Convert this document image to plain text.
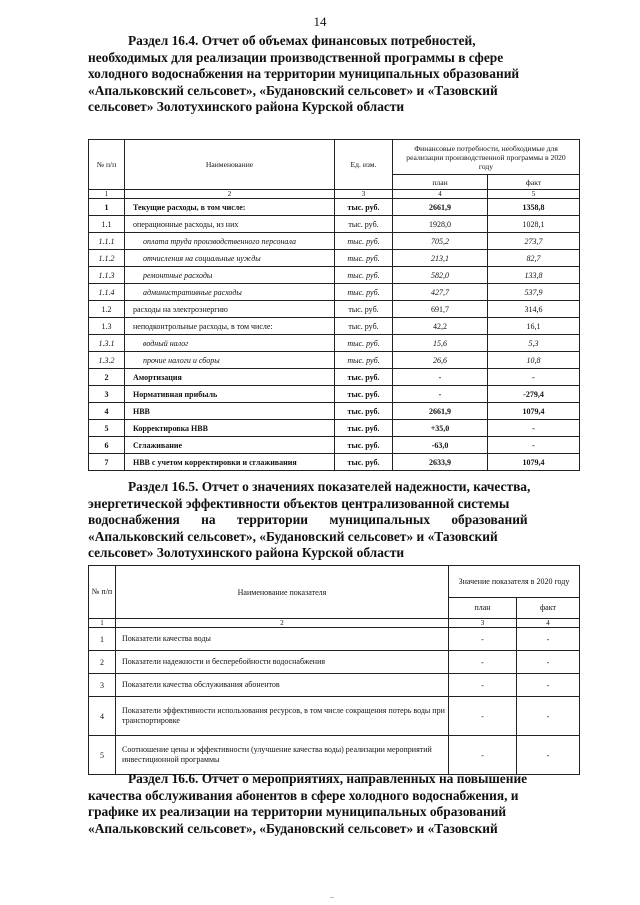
14
Раздел 16.4. Отчет об объемах финансовых потребностей,
необходимых для реализации производственной программы в сфере
холодного водоснабжения на территории муниципальных образований
«Апальковский сельсовет», «Будановский сельсовет» и «Тазовский
сельсовет» Золотухинского района Курской области
№ п/п	Наименование	Ед. изм.	Финансовые потребности, необходимые для реализации производственной программы в 2020 году	
			план	факт
1	2	3	4	5
1	Текущие расходы, в том числе:	тыс. руб.	2661,9	1358,8
1.1	операционные расходы, из них	тыс. руб.	1928,0	1028,1
1.1.1	оплата труда производственного персонала	тыс. руб.	705,2	273,7
1.1.2	отчисления на социальные нужды	тыс. руб.	213,1	82,7
1.1.3	ремонтные расходы	тыс. руб.	582,0	133,8
1.1.4	административные расходы	тыс. руб.	427,7	537,9
1.2	расходы на электроэнергию	тыс. руб.	691,7	314,6
1.3	неподконтрольные расходы, в том числе:	тыс. руб.	42,2	16,1
1.3.1	водный налог	тыс. руб.	15,6	5,3
1.3.2	прочие налоги и сборы	тыс. руб.	26,6	10,8
2	Амортизация	тыс. руб.	-	-
3	Нормативная прибыль	тыс. руб.	-	-279,4
4	НВВ	тыс. руб.	2661,9	1079,4
5	Корректировка НВВ	тыс. руб.	+35,0	-
6	Сглаживание	тыс. руб.	-63,0	-
7	НВВ с учетом корректировки и сглаживания	тыс. руб.	2633,9	1079,4
Раздел 16.5. Отчет о значениях показателей надежности, качества,
энергетической эффективности объектов централизованной системы
водоснабжения на территории муниципальных образований
«Апальковский сельсовет», «Будановский сельсовет» и «Тазовский
сельсовет» Золотухинского района Курской области
№ п/п	Наименование показателя	Значение показателя в 2020 году	
		план	факт
1	2	3	4
1	Показатели качества воды	-	-
2	Показатели надежности и бесперебойности водоснабжения	-	-
3	Показатели качества обслуживания абонентов	-	-
4	Показатели эффективности использования ресурсов, в том числе сокращения потерь воды при транспортировке	-	-
5	Соотношение цены и эффективности (улучшение качества воды) реализации мероприятий инвестиционной программы	-	-
Раздел 16.6. Отчет о мероприятиях, направленных на повышение
качества обслуживания абонентов в сфере холодного водоснабжения, и
графике их реализации на территории муниципальных образований
«Апальковский сельсовет», «Будановский сельсовет» и «Тазовский
